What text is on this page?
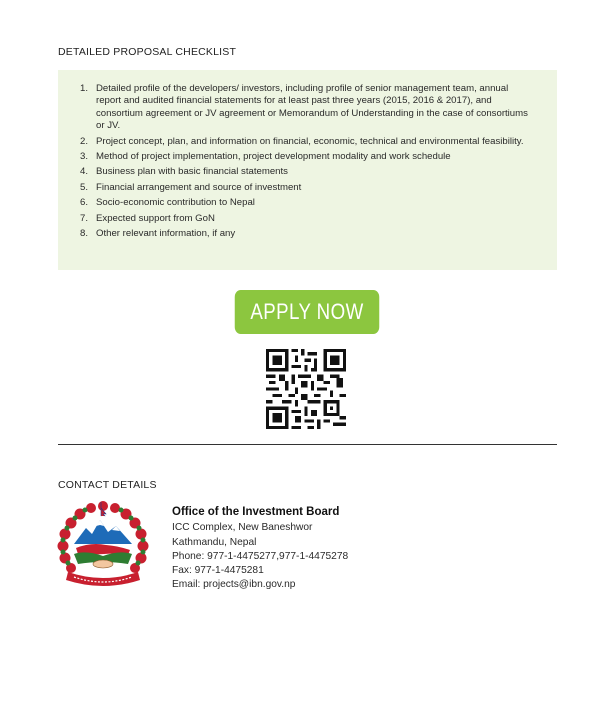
DETAILED PROPOSAL CHECKLIST
1. Detailed profile of the developers/ investors, including profile of senior management team, annual report and audited financial statements for at least past three years (2015, 2016 & 2017), and consortium agreement or JV agreement or Memorandum of Understanding in the case of consortiums or JV.
2. Project concept, plan, and information on financial, economic, technical and environmental feasibility.
3. Method of project implementation, project development modality and work schedule
4. Business plan with basic financial statements
5. Financial arrangement and source of investment
6. Socio-economic contribution to Nepal
7. Expected support from GoN
8. Other relevant information, if any
APPLY NOW
CONTACT DETAILS
Office of the Investment Board
ICC Complex, New Baneshwor
Kathmandu, Nepal
Phone: 977-1-4475277,977-1-4475278
Fax: 977-1-4475281
Email: projects@ibn.gov.np
